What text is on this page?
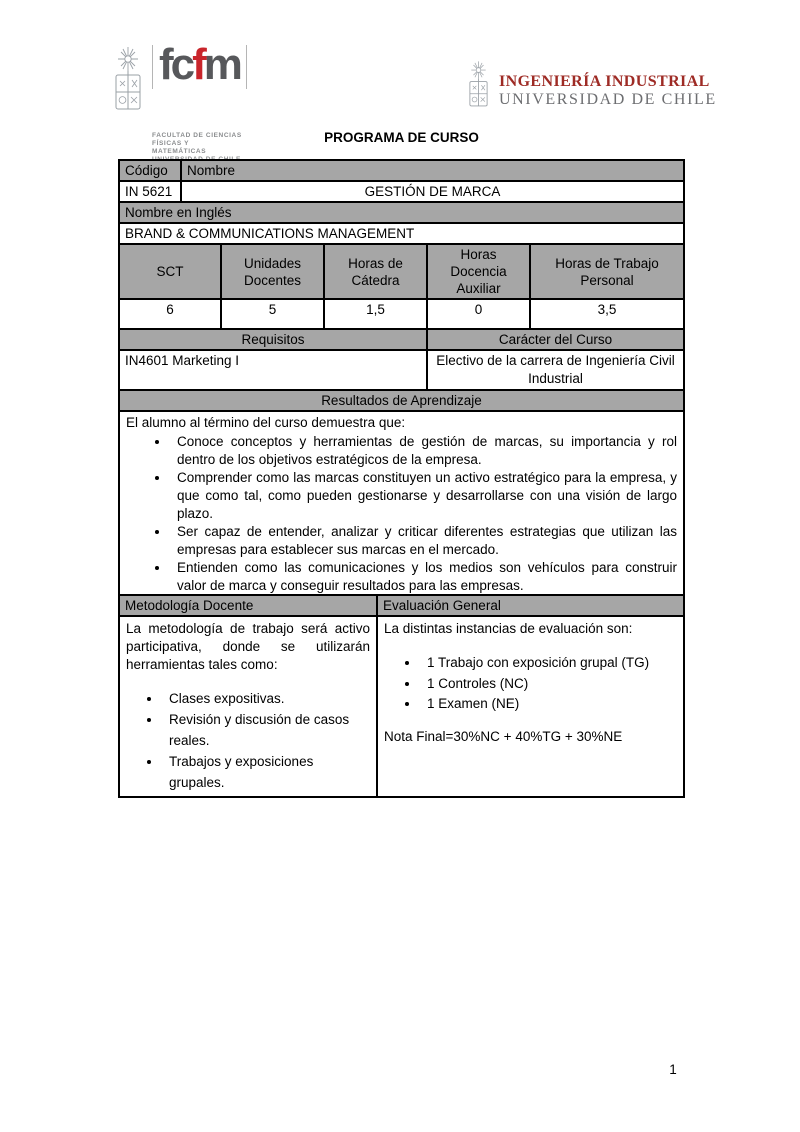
fcfm
FACULTAD DE CIENCIAS
FÍSICAS Y MATEMÁTICAS
INGENIERÍA INDUSTRIAL
UNIVERSIDAD DE CHILE
PROGRAMA DE CURSO
Código	Nombre
IN 5621	GESTIÓN DE MARCA
Nombre en Inglés	
BRAND & COMMUNICATIONS MANAGEMENT	
SCT	Unidades Docentes	Horas de Cátedra	Horas Docencia Auxiliar	Horas de Trabajo Personal
6	5	1,5	0	3,5
Requisitos	Carácter del Curso
IN4601 Marketing I	Electivo de la carrera de Ingeniería Civil Industrial
Resultados de Aprendizaje

El alumno al término del curso demuestra que:
• Conoce conceptos y herramientas de gestión de marcas, su importancia y rol dentro de los objetivos estratégicos de la empresa.
• Comprender como las marcas constituyen un activo estratégico para la empresa, y que como tal, como pueden gestionarse y desarrollarse con una visión de largo plazo.
• Ser capaz de entender, analizar y criticar diferentes estrategias que utilizan las empresas para establecer sus marcas en el mercado.
• Entienden como las comunicaciones y los medios son vehículos para construir valor de marca y conseguir resultados para las empresas.
Metodología Docente	Evaluación General

La metodología de trabajo será activo participativa, donde se utilizarán herramientas tales como:
• Clases expositivas.
• Revisión y discusión de casos reales.
• Trabajos y exposiciones grupales.

La distintas instancias de evaluación son:
• 1 Trabajo con exposición grupal (TG)
• 1 Controles (NC)
• 1 Examen (NE)
Nota Final=30%NC + 40%TG + 30%NE
1
